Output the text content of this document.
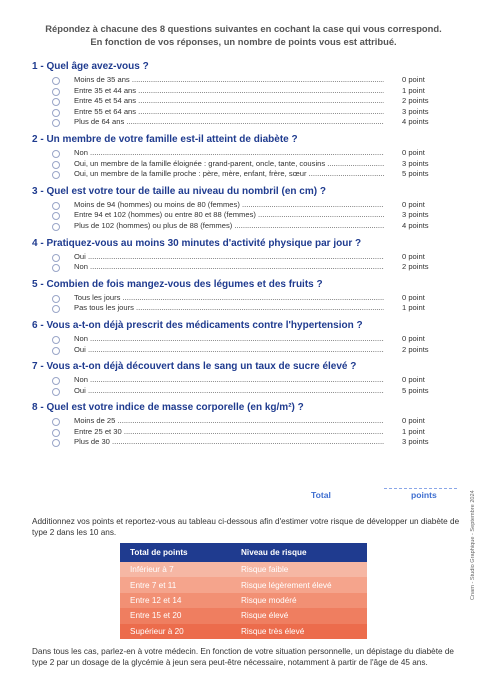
Répondez à chacune des 8 questions suivantes en cochant la case qui vous correspond.
En fonction de vos réponses, un nombre de points vous est attribué.
1 - Quel âge avez-vous ?
Moins de 35 ans .....	0 point
Entre 35 et 44 ans .....	1 point
Entre 45 et 54 ans .....	2 points
Entre 55 et 64 ans .....	3 points
Plus de 64 ans .....	4 points
2 - Un membre de votre famille est-il atteint de diabète ?
Non .....	0 point
Oui, un membre de la famille éloignée : grand-parent, oncle, tante, cousins .....	3 points
Oui, un membre de la famille proche : père, mère, enfant, frère, sœur .....	5 points
3 - Quel est votre tour de taille au niveau du nombril (en cm) ?
Moins de 94 (hommes) ou moins de 80 (femmes) .....	0 point
Entre 94 et 102 (hommes) ou entre 80 et 88 (femmes) .....	3 points
Plus de 102 (hommes) ou plus de 88 (femmes) .....	4 points
4 - Pratiquez-vous au moins 30 minutes d'activité physique par jour ?
Oui .....	0 point
Non .....	2 points
5 - Combien de fois mangez-vous des légumes et des fruits ?
Tous les jours .....	0 point
Pas tous les jours .....	1 point
6 - Vous a-t-on déjà prescrit des médicaments contre l'hypertension ?
Non .....	0 point
Oui .....	2 points
7 - Vous a-t-on déjà découvert dans le sang un taux de sucre élevé ?
Non .....	0 point
Oui .....	5 points
8 - Quel est votre indice de masse corporelle (en kg/m²) ?
Moins de 25 .....	0 point
Entre 25 et 30 .....	1 point
Plus de 30 .....	3 points
Total	points
Additionnez vos points et reportez-vous au tableau ci-dessous afin d'estimer votre risque de développer un diabète de type 2 dans les 10 ans.
Total de points	Niveau de risque
Inférieur à 7	Risque faible
Entre 7 et 11	Risque légèrement élevé
Entre 12 et 14	Risque modéré
Entre 15 et 20	Risque élevé
Supérieur à 20	Risque très élevé
Dans tous les cas, parlez-en à votre médecin. En fonction de votre situation personnelle, un dépistage du diabète de type 2 par un dosage de la glycémie à jeun sera peut-être nécessaire, notamment à partir de l'âge de 45 ans.
Cnam - Studio Graphique - Septembre 2024
